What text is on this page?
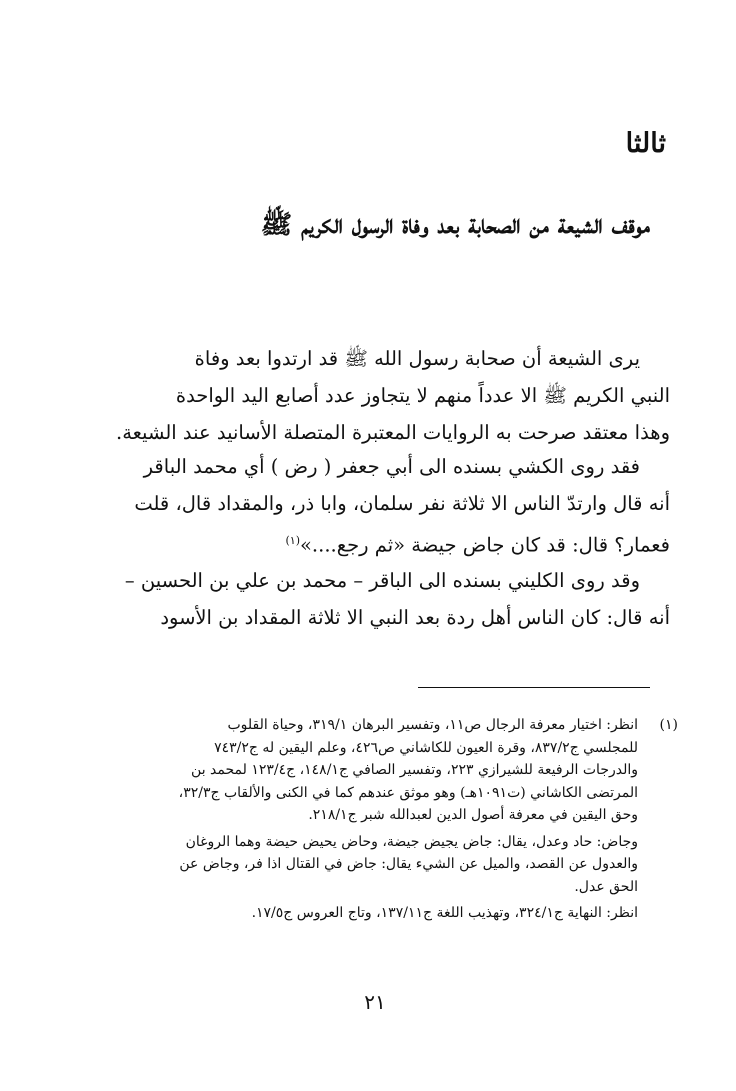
ثالثا
موقف الشيعة من الصحابة بعد وفاة الرسول الكريم ﷺ

يرى الشيعة أن صحابة رسول الله ﷺ قد ارتدوا بعد وفاة

النبي الكريم ﷺ الا عدداً منهم لا يتجاوز عدد أصابع اليد الواحدة

وهذا معتقد صرحت به الروايات المعتبرة المتصلة الأسانيد عند الشيعة.

فقد روى الكشي بسنده الى أبي جعفر ( رض ) أي محمد الباقر

أنه قال وارتدّ الناس الا ثلاثة نفر سلمان، وابا ذر، والمقداد قال، قلت

فعمار؟ قال: قد كان جاض جيضة «ثم رجع....»$^{(١)}$

وقد روى الكليني بسنده الى الباقر – محمد بن علي بن الحسين –

أنه قال: كان الناس أهل ردة بعد النبي الا ثلاثة المقداد بن الأسود

(١)

انظر: اختيار معرفة الرجال ص١١، وتفسير البرهان ٣١٩/١، وحياة القلوب

للمجلسي ج٨٣٧/٢، وقرة العيون للكاشاني ص٤٢٦، وعلم اليقين له ج٧٤٣/٢

والدرجات الرفيعة للشيرازي ٢٢٣، وتفسير الصافي ج١٤٨/١، ج١٢٣/٤ لمحمد بن

المرتضى الكاشاني (ت١٠٩١هـ) وهو موثق عندهم كما في الكنى والألقاب ج٣٢/٣،

وحق اليقين في معرفة أصول الدين لعبدالله شبر ج٢١٨/١.

وجاض: حاد وعدل، يقال: جاض يجيض جيضة، وحاض يحيض حيضة وهما الروغان

والعدول عن القصد، والميل عن الشيء يقال: جاض في القتال اذا فر، وجاض عن

الحق عدل.

انظر: النهاية ج٣٢٤/١، وتهذيب اللغة ج١٣٧/١١، وتاج العروس ج١٧/٥.

٢١
